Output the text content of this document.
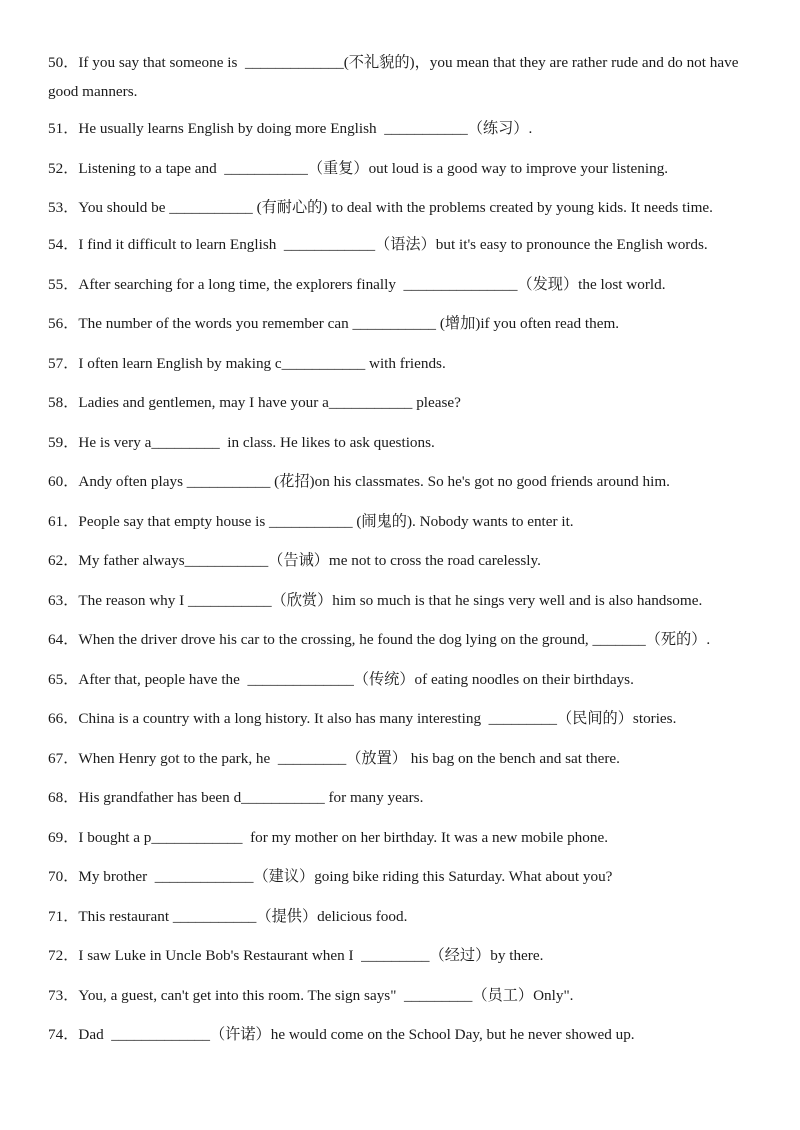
50．If you say that someone is  _____________(不礼貌的)，you mean that they are rather rude and do not have good manners.

51．He usually learns English by doing more English  ___________（练习）.

52．Listening to a tape and  ___________（重复）out loud is a good way to improve your listening.

53．You should be ___________ (有耐心的) to deal with the problems created by young kids. It needs time.

54．I find it difficult to learn English  ____________（语法）but it's easy to pronounce the English words.

55．After searching for a long time, the explorers finally  _______________（发现）the lost world.

56．The number of the words you remember can ___________ (增加)if you often read them.

57．I often learn English by making c___________ with friends.

58．Ladies and gentlemen, may I have your a___________ please?

59．He is very a_________  in class. He likes to ask questions.

60．Andy often plays ___________ (花招)on his classmates. So he's got no good friends around him.

61．People say that empty house is ___________ (闹鬼的). Nobody wants to enter it.

62．My father always___________（告诫）me not to cross the road carelessly.

63．The reason why I ___________（欣赏）him so much is that he sings very well and is also handsome.

64．When the driver drove his car to the crossing, he found the dog lying on the ground, _______（死的）.

65．After that, people have the  ______________（传统）of eating noodles on their birthdays.

66．China is a country with a long history. It also has many interesting  _________（民间的）stories.

67．When Henry got to the park, he  _________（放置） his bag on the bench and sat there.

68．His grandfather has been d___________ for many years.

69．I bought a p____________  for my mother on her birthday. It was a new mobile phone.

70．My brother  _____________（建议）going bike riding this Saturday. What about you?

71．This restaurant ___________（提供）delicious food.

72．I saw Luke in Uncle Bob's Restaurant when I  _________（经过）by there.

73．You, a guest, can't get into this room. The sign says"  _________（员工）Only".

74．Dad  _____________（许诺）he would come on the School Day, but he never showed up.
